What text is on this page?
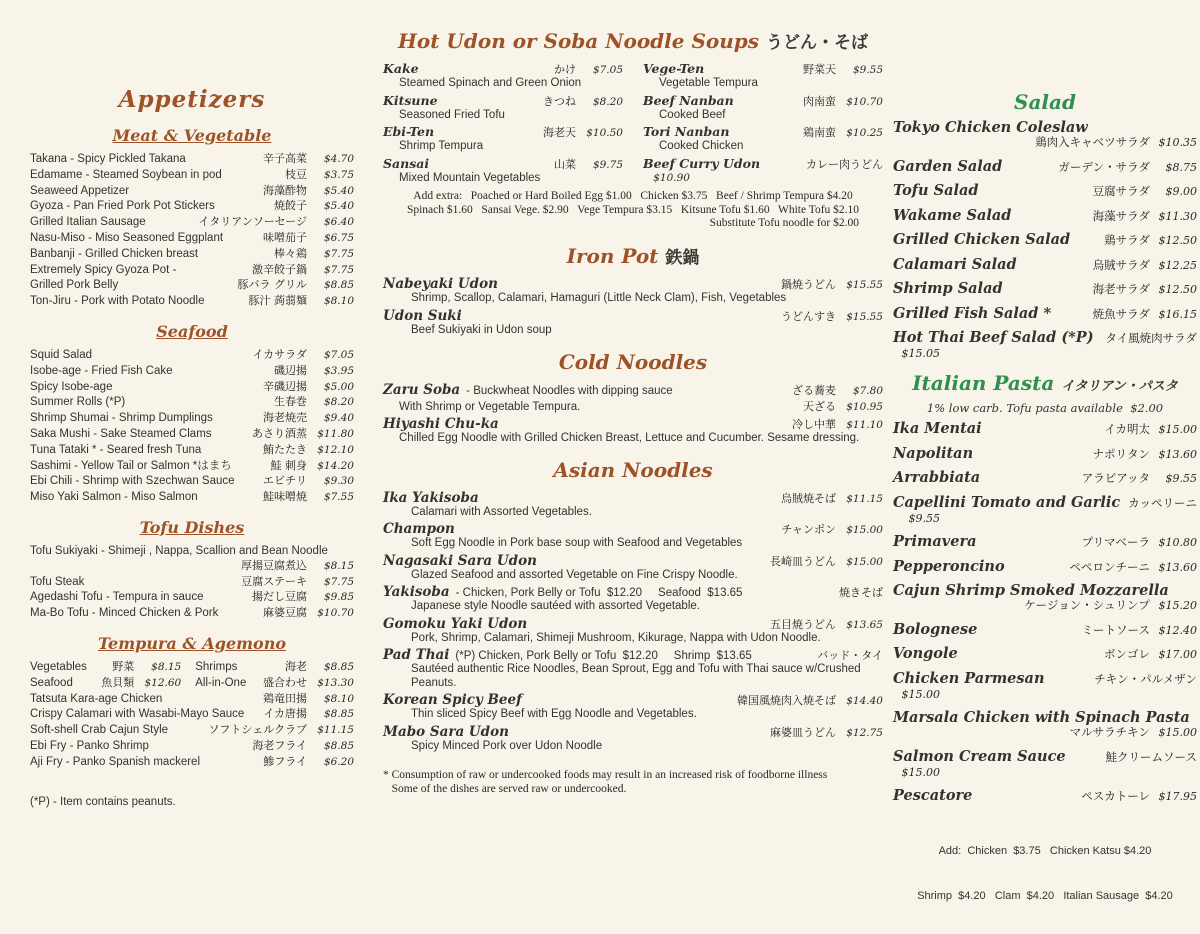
Appetizers
Meat & Vegetable
Takana - Spicy Pickled Takana	辛子高菜	$4.70
Edamame - Steamed Soybean in pod	枝豆	$3.75
Seaweed Appetizer	海藻酢物	$5.40
Gyoza - Pan Fried Pork Pot Stickers	焼餃子	$5.40
Grilled Italian Sausage	イタリアンソーセージ	$6.40
Nasu-Miso - Miso Seasoned Eggplant	味噌茄子	$6.75
Banbanji - Grilled Chicken breast	棒々鶏	$7.75
Extremely Spicy Gyoza Pot -	激辛餃子鍋	$7.75
Grilled Pork Belly	豚バラ グリル	$8.85
Ton-Jiru - Pork with Potato Noodle	豚汁 蒟蒻麺	$8.10
Seafood
Squid Salad	イカサラダ	$7.05
Isobe-age - Fried Fish Cake	磯辺揚	$3.95
Spicy Isobe-age	辛磯辺揚	$5.00
Summer Rolls (*P)	生春巻	$8.20
Shrimp Shumai - Shrimp Dumplings	海老焼売	$9.40
Saka Mushi - Sake Steamed Clams	あさり酒蒸 $11.80
Tuna Tataki * - Seared fresh Tuna	鮪たたき $12.10
Sashimi - Yellow Tail or Salmon *はまち	鮭 刺身 $14.20
Ebi Chili - Shrimp with Szechwan Sauce	エビチリ	$9.30
Miso Yaki Salmon - Miso Salmon	鮭味噌焼	$7.55
Tofu Dishes
Tofu Sukiyaki - Shimeji , Nappa, Scallion and Bean Noodle
厚揚豆腐煮込	$8.15
Tofu Steak	豆腐ステーキ	$7.75
Agedashi Tofu - Tempura in sauce	揚だし豆腐	$9.85
Ma-Bo Tofu - Minced Chicken & Pork	麻婆豆腐 $10.70
Tempura & Agemono
Vegetables	野菜	$8.15 Shrimps	海老	$8.85
Seafood	魚貝類 $12.60 All-in-One	盛合わせ $13.30
Tatsuta Kara-age Chicken	鶏竜田揚	$8.10
Crispy Calamari with Wasabi-Mayo Sauce	イカ唐揚	$8.85
Soft-shell Crab Cajun Style	ソフトシェルクラブ $11.15
Ebi Fry - Panko Shrimp	海老フライ	$8.85
Aji Fry - Panko Spanish mackerel	鯵フライ	$6.20
(*P) - Item contains peanuts.
Hot Udon or Soba Noodle Soups うどん・そば
Kake	かけ	$7.05
Steamed Spinach and Green Onion
Kitsune	きつね	$8.20
Seasoned Fried Tofu
Ebi-Ten	海老天 $10.50
Shrimp Tempura
Sansai	山菜	$9.75
Mixed Mountain Vegetables
Vege-Ten	野菜天	$9.55
Vegetable Tempura
Beef Nanban	肉南蛮 $10.70
Cooked Beef
Tori Nanban	鶏南蛮 $10.25
Cooked Chicken
Beef Curry Udon	カレー肉うどん
$10.90
Add extra:   Poached or Hard Boiled Egg $1.00   Chicken $3.75   Beef / Shrimp Tempura $4.20
Spinach $1.60   Sansai Vege. $2.90   Vege Tempura $3.15   Kitsune Tofu $1.60   White Tofu $2.10
Substitute Tofu noodle for $2.00
Iron Pot 鉄鍋
Nabeyaki Udon	鍋焼うどん $15.55
Shrimp, Scallop, Calamari, Hamaguri (Little Neck Clam), Fish, Vegetables
Udon Suki	うどんすき $15.55
Beef Sukiyaki in Udon soup
Cold Noodles
Zaru Soba - Buckwheat Noodles with dipping sauce	ざる蕎麦	$7.80
With Shrimp or Vegetable Tempura.	天ざる $10.95
Hiyashi Chu-ka	冷し中華 $11.10
Chilled Egg Noodle with Grilled Chicken Breast, Lettuce and Cucumber. Sesame dressing.
Asian Noodles
Ika Yakisoba	烏賊焼そば $11.15
Calamari with Assorted Vegetables.
Champon	チャンポン $15.00
Soft Egg Noodle in Pork base soup with Seafood and Vegetables
Nagasaki Sara Udon	長崎皿うどん $15.00
Glazed Seafood and assorted Vegetable on Fine Crispy Noodle.
Yakisoba - Chicken, Pork Belly or Tofu  $12.20     Seafood  $13.65	焼きそば
Japanese style Noodle sautéed with assorted Vegetable.
Gomoku Yaki Udon	五目焼うどん $13.65
Pork, Shrimp, Calamari, Shimeji Mushroom, Kikurage, Nappa with Udon Noodle.
Pad Thai (*P) Chicken, Pork Belly or Tofu  $12.20     Shrimp  $13.65	バッド・タイ
Sautéed authentic Rice Noodles, Bean Sprout, Egg and Tofu with Thai sauce w/Crushed Peanuts.
Korean Spicy Beef	韓国風焼肉入焼そば $14.40
Thin sliced Spicy Beef with Egg Noodle and Vegetables.
Mabo Sara Udon	麻婆皿うどん $12.75
Spicy Minced Pork over Udon Noodle
* Consumption of raw or undercooked foods may result in an increased risk of foodborne illness
Some of the dishes are served raw or undercooked.
Salad
Tokyo Chicken Coleslaw
鶏肉入キャベツサラダ $10.35
Garden Salad	ガーデン・サラダ	$8.75
Tofu Salad	豆腐サラダ	$9.00
Wakame Salad	海藻サラダ $11.30
Grilled Chicken Salad	鶏サラダ $12.50
Calamari Salad	烏賊サラダ $12.25
Shrimp Salad	海老サラダ $12.50
Grilled Fish Salad *	焼魚サラダ $16.15
Hot Thai Beef Salad (*P)	タイ風焼肉サラダ
$15.05
Italian Pasta イタリアン・パスタ
1% low carb. Tofu pasta available  $2.00
Ika Mentai	イカ明太 $15.00
Napolitan	ナポリタン $13.60
Arrabbiata	アラビアッタ	$9.55
Capellini Tomato and Garlic カッペリーニ
$9.55
Primavera	プリマベーラ $10.80
Pepperoncino	ペペロンチーニ $13.60
Cajun Shrimp Smoked Mozzarella
ケージョン・シュリンプ $15.20
Bolognese	ミートソース $12.40
Vongole	ボンゴレ $17.00
Chicken Parmesan	チキン・パルメザン
$15.00
Marsala Chicken with Spinach Pasta
マルサラチキン $15.00
Salmon Cream Sauce	鮭クリームソース
$15.00
Pescatore	ペスカトーレ $17.95

Add:  Chicken  $3.75   Chicken Katsu $4.20

Shrimp  $4.20   Clam  $4.20   Italian Sausage  $4.20
